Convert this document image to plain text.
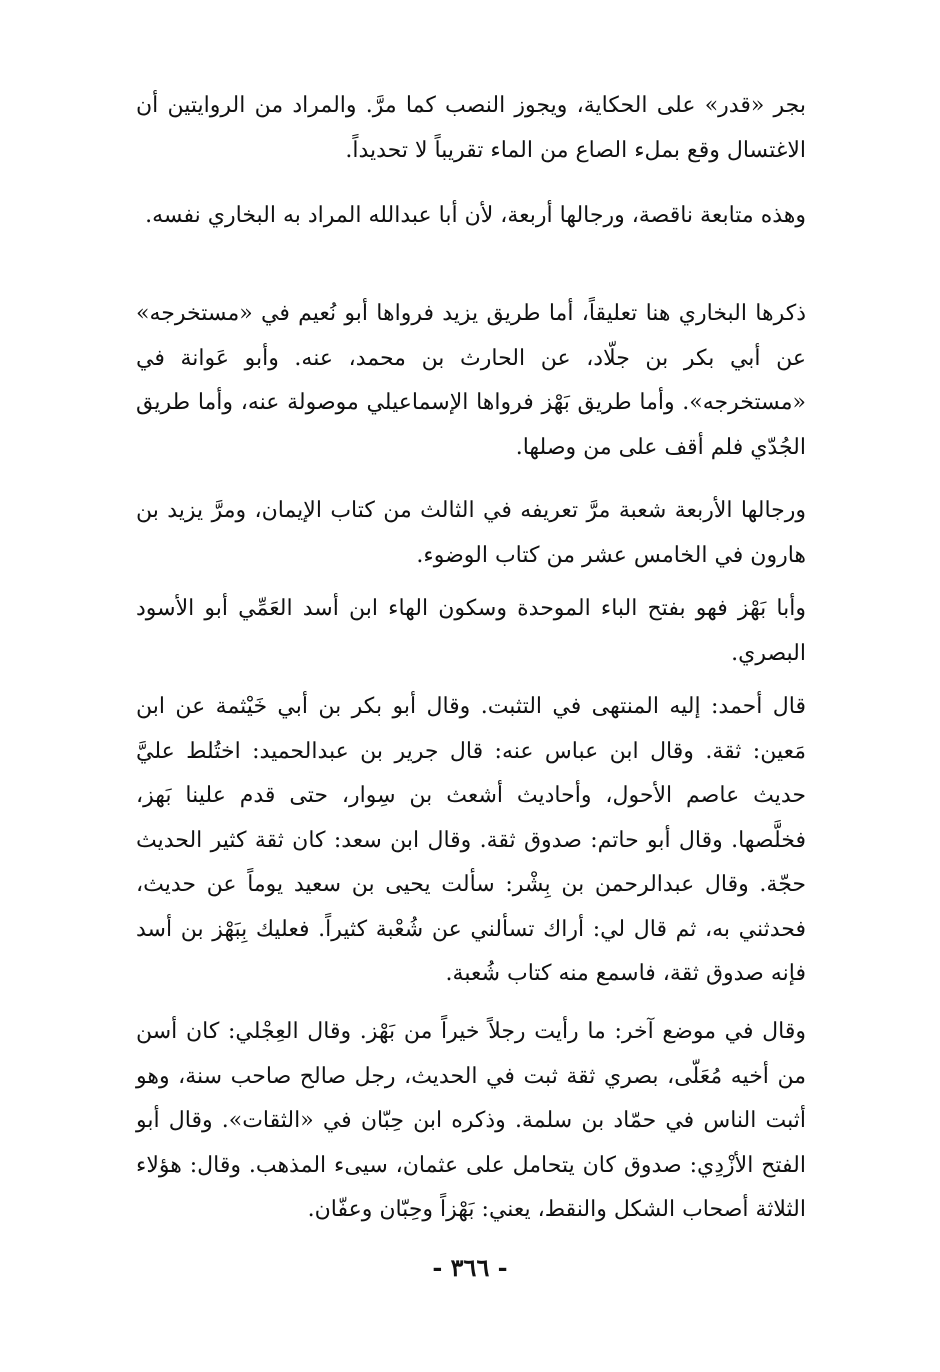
بجر «قدر» على الحكاية، ويجوز النصب كما مرَّ. والمراد من الروايتين أن الاغتسال وقع بملء الصاع من الماء تقريباً لا تحديداً.

وهذه متابعة ناقصة، ورجالها أربعة، لأن أبا عبدالله المراد به البخاري نفسه.

ذكرها البخاري هنا تعليقاً، أما طريق يزيد فرواها أبو نُعيم في «مستخرجه» عن أبي بكر بن جلّاد، عن الحارث بن محمد، عنه. وأبو عَوانة في «مستخرجه». وأما طريق بَهْز فرواها الإسماعيلي موصولة عنه، وأما طريق الجُدّي فلم أقف على من وصلها.

ورجالها الأربعة شعبة مرَّ تعريفه في الثالث من كتاب الإيمان، ومرَّ يزيد بن هارون في الخامس عشر من كتاب الوضوء.

وأبا بَهْز فهو بفتح الباء الموحدة وسكون الهاء ابن أسد العَمِّي أبو الأسود البصري.

قال أحمد: إليه المنتهى في التثبت. وقال أبو بكر بن أبي خَيْثمة عن ابن مَعين: ثقة. وقال ابن عباس عنه: قال جرير بن عبدالحميد: اختُلط عليَّ حديث عاصم الأحول، وأحاديث أشعث بن سِوار، حتى قدم علينا بَهز، فخلَّصها. وقال أبو حاتم: صدوق ثقة. وقال ابن سعد: كان ثقة كثير الحديث حجّة. وقال عبدالرحمن بن بِشْر: سألت يحيى بن سعيد يوماً عن حديث، فحدثني به، ثم قال لي: أراك تسألني عن شُعْبة كثيراً. فعليك بِبَهْز بن أسد فإنه صدوق ثقة، فاسمع منه كتاب شُعبة.

وقال في موضع آخر: ما رأيت رجلاً خيراً من بَهْز. وقال العِجْلي: كان أسن من أخيه مُعَلّى، بصري ثقة ثبت في الحديث، رجل صالح صاحب سنة، وهو أثبت الناس في حمّاد بن سلمة. وذكره ابن حِبّان في «الثقات». وقال أبو الفتح الأزْدِي: صدوق كان يتحامل على عثمان، سيىء المذهب. وقال: هؤلاء الثلاثة أصحاب الشكل والنقط، يعني: بَهْزاً وحِبّان وعفّان.

- ٣٦٦ -
